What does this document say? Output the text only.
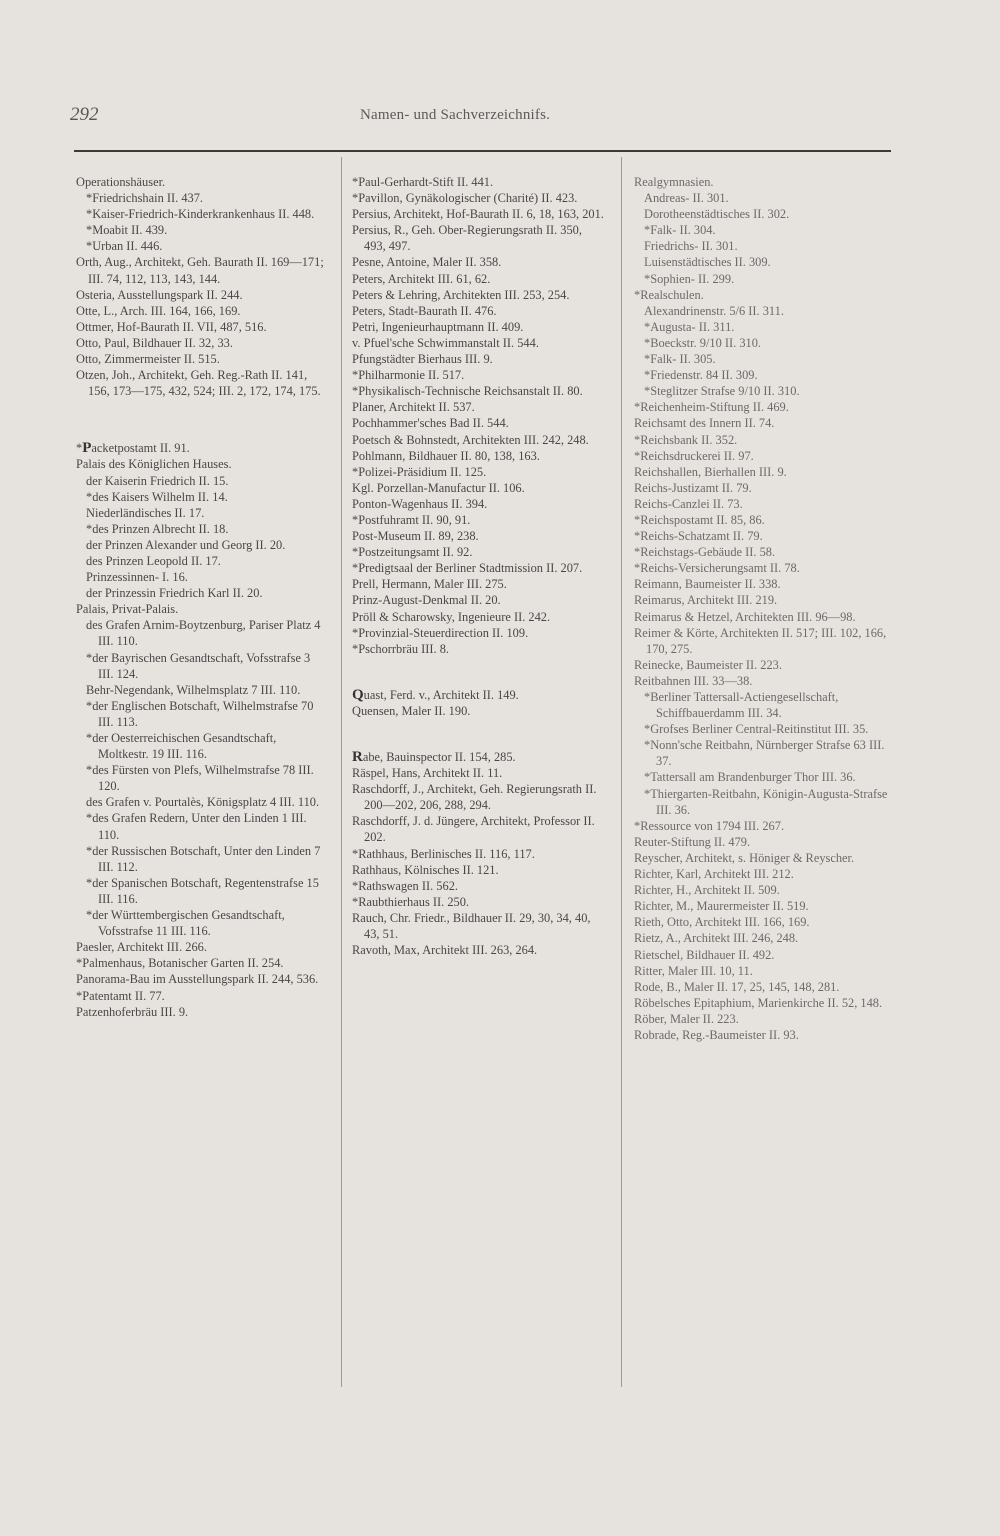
292	Namen- und Sachverzeichnifs.
Operationshäuser.
*Friedrichshain II. 437.
*Kaiser-Friedrich-Kinderkrankenhaus II. 448.
*Moabit II. 439.
*Urban II. 446.
Orth, Aug., Architekt, Geh. Baurath II. 169—171; III. 74, 112, 113, 143, 144.
Osteria, Ausstellungspark II. 244.
Otte, L., Arch. III. 164, 166, 169.
Ottmer, Hof-Baurath II. VII, 487, 516.
Otto, Paul, Bildhauer II. 32, 33.
Otto, Zimmermeister II. 515.
Otzen, Joh., Architekt, Geh. Reg.-Rath II. 141, 156, 173—175, 432, 524; III. 2, 172, 174, 175.
*Packetpostamt II. 91.
Palais des Königlichen Hauses.
der Kaiserin Friedrich II. 15.
*des Kaisers Wilhelm II. 14.
Niederländisches II. 17.
*des Prinzen Albrecht II. 18.
der Prinzen Alexander und Georg II. 20.
des Prinzen Leopold II. 17.
Prinzessinnen- I. 16.
der Prinzessin Friedrich Karl II. 20.
Palais, Privat-Palais.
des Grafen Arnim-Boytzenburg, Pariser Platz 4 III. 110.
*der Bayrischen Gesandtschaft, Vofsstrafse 3 III. 124.
Behr-Negendank, Wilhelmsplatz 7 III. 110.
*der Englischen Botschaft, Wilhelmstrafse 70 III. 113.
*der Oesterreichischen Gesandtschaft, Moltkestr. 19 III. 116.
*des Fürsten von Plefs, Wilhelmstrafse 78 III. 120.
des Grafen v. Pourtalès, Königsplatz 4 III. 110.
*des Grafen Redern, Unter den Linden 1 III. 110.
*der Russischen Botschaft, Unter den Linden 7 III. 112.
*der Spanischen Botschaft, Regentenstrafse 15 III. 116.
*der Württembergischen Gesandtschaft, Vofsstrafse 11 III. 116.
Paesler, Architekt III. 266.
*Palmenhaus, Botanischer Garten II. 254.
Panorama-Bau im Ausstellungspark II. 244, 536.
*Patentamt II. 77.
Patzenhoferbräu III. 9.
*Paul-Gerhardt-Stift II. 441.
*Pavillon, Gynäkologischer (Charité) II. 423.
Persius, Architekt, Hof-Baurath II. 6, 18, 163, 201.
Persius, R., Geh. Ober-Regierungsrath II. 350, 493, 497.
Pesne, Antoine, Maler II. 358.
Peters, Architekt III. 61, 62.
Peters & Lehring, Architekten III. 253, 254.
Peters, Stadt-Baurath II. 476.
Petri, Ingenieurhauptmann II. 409.
v. Pfuel'sche Schwimmanstalt II. 544.
Pfungstädter Bierhaus III. 9.
*Philharmonie II. 517.
*Physikalisch-Technische Reichsanstalt II. 80.
Planer, Architekt II. 537.
Pochhammer'sches Bad II. 544.
Poetsch & Bohnstedt, Architekten III. 242, 248.
Pohlmann, Bildhauer II. 80, 138, 163.
*Polizei-Präsidium II. 125.
Kgl. Porzellan-Manufactur II. 106.
Ponton-Wagenhaus II. 394.
*Postfuhramt II. 90, 91.
Post-Museum II. 89, 238.
*Postzeitungsamt II. 92.
*Predigtsaal der Berliner Stadtmission II. 207.
Prell, Hermann, Maler III. 275.
Prinz-August-Denkmal II. 20.
Pröll & Scharowsky, Ingenieure II. 242.
*Provinzial-Steuerdirection II. 109.
*Pschorrbräu III. 8.
Quast, Ferd. v., Architekt II. 149.
Quensen, Maler II. 190.
Rabe, Bauinspector II. 154, 285.
Räspel, Hans, Architekt II. 11.
Raschdorff, J., Architekt, Geh. Regierungsrath II. 200—202, 206, 288, 294.
Raschdorff, J. d. Jüngere, Architekt, Professor II. 202.
*Rathhaus, Berlinisches II. 116, 117.
Rathhaus, Kölnisches II. 121.
*Rathswagen II. 562.
*Raubthierhaus II. 250.
Rauch, Chr. Friedr., Bildhauer II. 29, 30, 34, 40, 43, 51.
Ravoth, Max, Architekt III. 263, 264.
Realgymnasien.
Andreas- II. 301.
Dorotheenstädtisches II. 302.
*Falk- II. 304.
Friedrichs- II. 301.
Luisenstädtisches II. 309.
*Sophien- II. 299.
*Realschulen.
Alexandrinenstr. 5/6 II. 311.
*Augusta- II. 311.
*Boeckstr. 9/10 II. 310.
*Falk- II. 305.
*Friedenstr. 84 II. 309.
*Steglitzer Strafse 9/10 II. 310.
*Reichenheim-Stiftung II. 469.
Reichsamt des Innern II. 74.
*Reichsbank II. 352.
*Reichsdruckerei II. 97.
Reichshallen, Bierhallen III. 9.
Reichs-Justizamt II. 79.
Reichs-Canzlei II. 73.
*Reichspostamt II. 85, 86.
*Reichs-Schatzamt II. 79.
*Reichstags-Gebäude II. 58.
*Reichs-Versicherungsamt II. 78.
Reimann, Baumeister II. 338.
Reimarus, Architekt III. 219.
Reimarus & Hetzel, Architekten III. 96—98.
Reimer & Körte, Architekten II. 517; III. 102, 166, 170, 275.
Reinecke, Baumeister II. 223.
Reitbahnen III. 33—38.
*Berliner Tattersall-Actiengesellschaft, Schiffbauerdamm III. 34.
*Grofses Berliner Central-Reitinstitut III. 35.
*Nonn'sche Reitbahn, Nürnberger Strafse 63 III. 37.
*Tattersall am Brandenburger Thor III. 36.
*Thiergarten-Reitbahn, Königin-Augusta-Strafse III. 36.
*Ressource von 1794 III. 267.
Reuter-Stiftung II. 479.
Reyscher, Architekt, s. Höniger & Reyscher.
Richter, Karl, Architekt III. 212.
Richter, H., Architekt II. 509.
Richter, M., Maurermeister II. 519.
Rieth, Otto, Architekt III. 166, 169.
Rietz, A., Architekt III. 246, 248.
Rietschel, Bildhauer II. 492.
Ritter, Maler III. 10, 11.
Rode, B., Maler II. 17, 25, 145, 148, 281.
Röbelsches Epitaphium, Marienkirche II. 52, 148.
Röber, Maler II. 223.
Robrade, Reg.-Baumeister II. 93.
